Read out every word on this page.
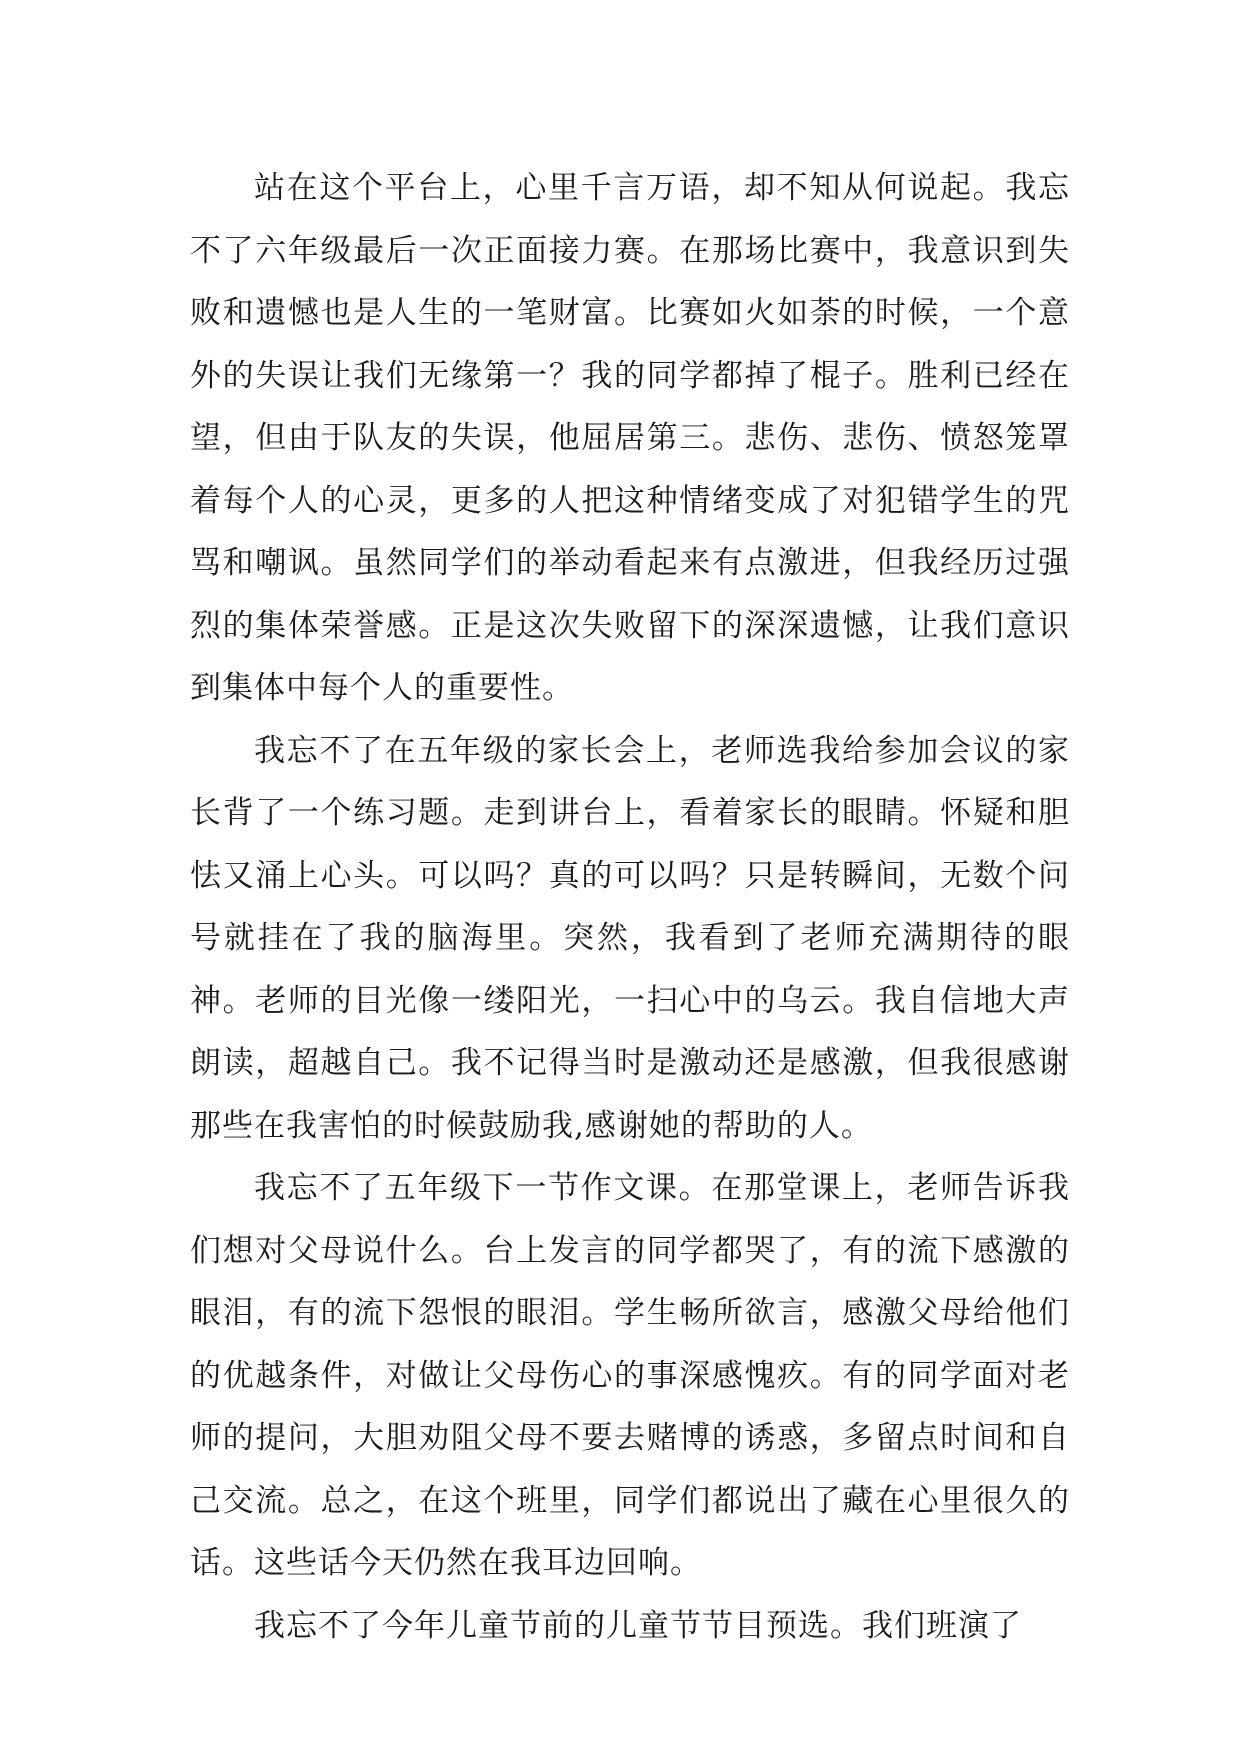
站在这个平台上，心里千言万语，却不知从何说起。我忘不了六年级最后一次正面接力赛。在那场比赛中，我意识到失败和遗憾也是人生的一笔财富。比赛如火如荼的时候，一个意外的失误让我们无缘第一？我的同学都掉了棍子。胜利已经在望，但由于队友的失误，他屈居第三。悲伤、悲伤、愤怒笼罩着每个人的心灵，更多的人把这种情绪变成了对犯错学生的咒骂和嘲讽。虽然同学们的举动看起来有点激进，但我经历过强烈的集体荣誉感。正是这次失败留下的深深遗憾，让我们意识到集体中每个人的重要性。

我忘不了在五年级的家长会上，老师选我给参加会议的家长背了一个练习题。走到讲台上，看着家长的眼睛。怀疑和胆怯又涌上心头。可以吗？真的可以吗？只是转瞬间，无数个问号就挂在了我的脑海里。突然，我看到了老师充满期待的眼神。老师的目光像一缕阳光，一扫心中的乌云。我自信地大声朗读，超越自己。我不记得当时是激动还是感激，但我很感谢那些在我害怕的时候鼓励我,感谢她的帮助的人。

我忘不了五年级下一节作文课。在那堂课上，老师告诉我们想对父母说什么。台上发言的同学都哭了，有的流下感激的眼泪，有的流下怨恨的眼泪。学生畅所欲言，感激父母给他们的优越条件，对做让父母伤心的事深感愧疚。有的同学面对老师的提问，大胆劝阻父母不要去赌博的诱惑，多留点时间和自己交流。总之，在这个班里，同学们都说出了藏在心里很久的话。这些话今天仍然在我耳边回响。

我忘不了今年儿童节前的儿童节节目预选。我们班演了
